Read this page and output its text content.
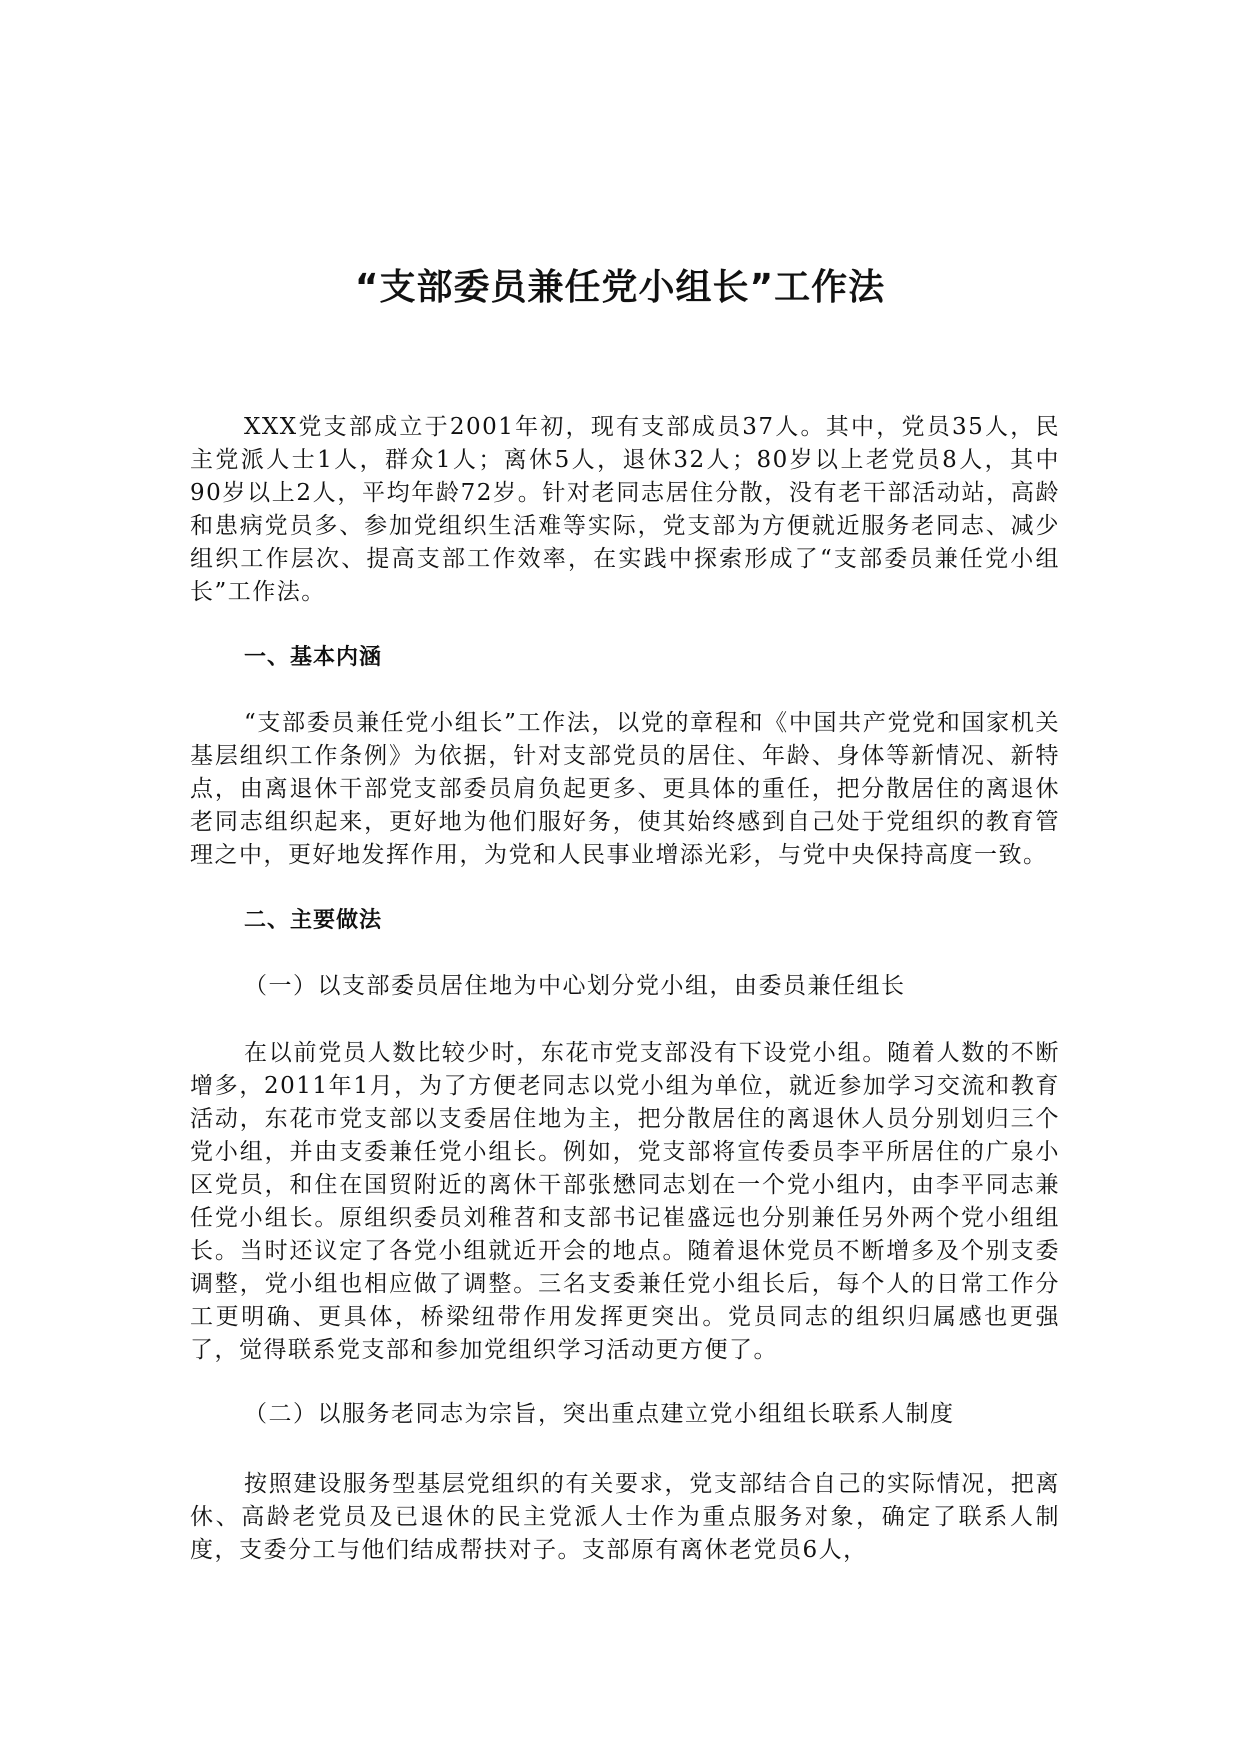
“支部委员兼任党小组长”工作法

XXX党支部成立于2001年初，现有支部成员37人。其中，党员35人，民主党派人士1人，群众1人；离休5人，退休32人；80岁以上老党员8人，其中90岁以上2人，平均年龄72岁。针对老同志居住分散，没有老干部活动站，高龄和患病党员多、参加党组织生活难等实际，党支部为方便就近服务老同志、减少组织工作层次、提高支部工作效率，在实践中探索形成了“支部委员兼任党小组长”工作法。

一、基本内涵

“支部委员兼任党小组长”工作法，以党的章程和《中国共产党党和国家机关基层组织工作条例》为依据，针对支部党员的居住、年龄、身体等新情况、新特点，由离退休干部党支部委员肩负起更多、更具体的重任，把分散居住的离退休老同志组织起来，更好地为他们服好务，使其始终感到自己处于党组织的教育管理之中，更好地发挥作用，为党和人民事业增添光彩，与党中央保持高度一致。

二、主要做法

（一）以支部委员居住地为中心划分党小组，由委员兼任组长

在以前党员人数比较少时，东花市党支部没有下设党小组。随着人数的不断增多，2011年1月，为了方便老同志以党小组为单位，就近参加学习交流和教育活动，东花市党支部以支委居住地为主，把分散居住的离退休人员分别划归三个党小组，并由支委兼任党小组长。例如，党支部将宣传委员李平所居住的广泉小区党员，和住在国贸附近的离休干部张懋同志划在一个党小组内，由李平同志兼任党小组长。原组织委员刘稚苕和支部书记崔盛远也分别兼任另外两个党小组组长。当时还议定了各党小组就近开会的地点。随着退休党员不断增多及个别支委调整，党小组也相应做了调整。三名支委兼任党小组长后，每个人的日常工作分工更明确、更具体，桥梁纽带作用发挥更突出。党员同志的组织归属感也更强了，觉得联系党支部和参加党组织学习活动更方便了。

（二）以服务老同志为宗旨，突出重点建立党小组组长联系人制度

按照建设服务型基层党组织的有关要求，党支部结合自己的实际情况，把离休、高龄老党员及已退休的民主党派人士作为重点服务对象，确定了联系人制度，支委分工与他们结成帮扶对子。支部原有离休老党员6人，
